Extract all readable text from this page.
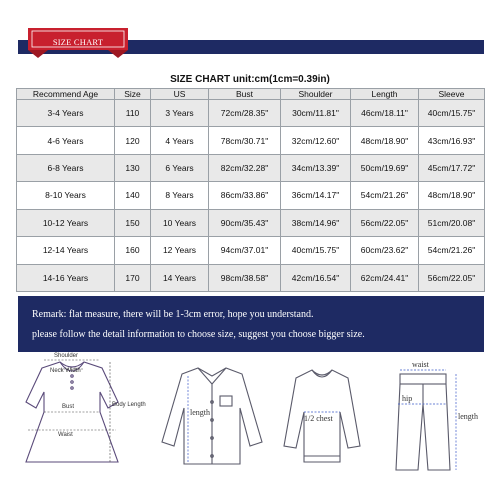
SIZE CHART
SIZE CHART unit:cm(1cm=0.39in)
Recommend Age	Size	US	Bust	Shoulder	Length	Sleeve
3-4 Years	110	3 Years	72cm/28.35"	30cm/11.81"	46cm/18.11"	40cm/15.75"
4-6 Years	120	4 Years	78cm/30.71"	32cm/12.60"	48cm/18.90"	43cm/16.93"
6-8 Years	130	6 Years	82cm/32.28"	34cm/13.39"	50cm/19.69"	45cm/17.72"
8-10 Years	140	8 Years	86cm/33.86"	36cm/14.17"	54cm/21.26"	48cm/18.90"
10-12 Years	150	10 Years	90cm/35.43"	38cm/14.96"	56cm/22.05"	51cm/20.08"
12-14 Years	160	12 Years	94cm/37.01"	40cm/15.75"	60cm/23.62"	54cm/21.26"
14-16 Years	170	14 Years	98cm/38.58"	42cm/16.54"	62cm/24.41"	56cm/22.05"
Remark: flat measure, there will be 1-3cm error, hope you understand.
please follow the detail information to choose size, suggest you choose bigger size.
Shoulder
Neck Width
Bust	Body Length
Waist
length
1/2 chest
waist
hip
length
